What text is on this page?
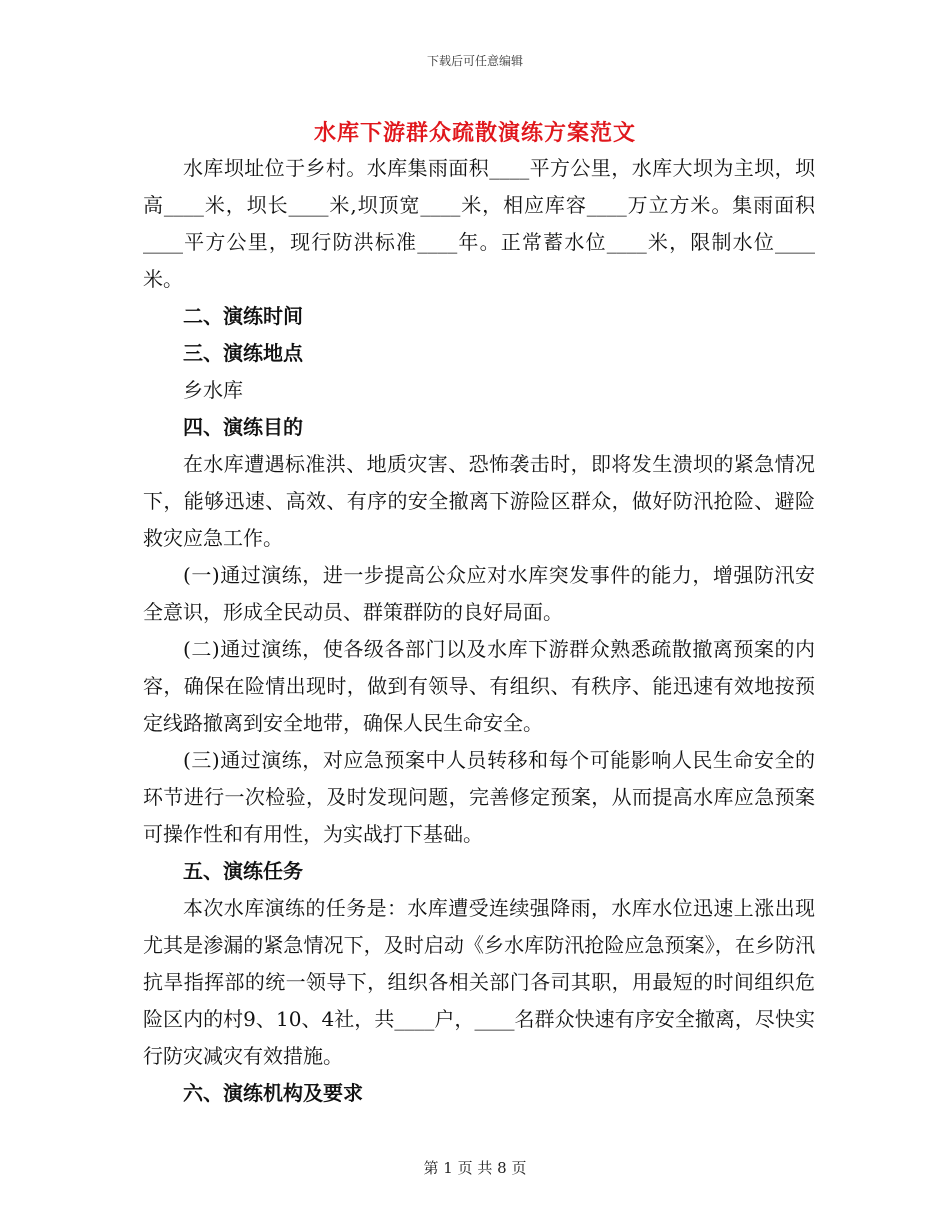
下载后可任意编辑
水库下游群众疏散演练方案范文

水库坝址位于乡村。水库集雨面积____平方公里，水库大坝为主坝，坝高____米，坝长____米,坝顶宽____米，相应库容____万立方米。集雨面积____平方公里，现行防洪标准____年。正常蓄水位____米，限制水位____米。

二、演练时间

三、演练地点

乡水库

四、演练目的

在水库遭遇标准洪、地质灾害、恐怖袭击时，即将发生溃坝的紧急情况下，能够迅速、高效、有序的安全撤离下游险区群众，做好防汛抢险、避险救灾应急工作。

(一)通过演练，进一步提高公众应对水库突发事件的能力，增强防汛安全意识，形成全民动员、群策群防的良好局面。

(二)通过演练，使各级各部门以及水库下游群众熟悉疏散撤离预案的内容，确保在险情出现时，做到有领导、有组织、有秩序、能迅速有效地按预定线路撤离到安全地带，确保人民生命安全。

(三)通过演练，对应急预案中人员转移和每个可能影响人民生命安全的环节进行一次检验，及时发现问题，完善修定预案，从而提高水库应急预案可操作性和有用性，为实战打下基础。

五、演练任务

本次水库演练的任务是：水库遭受连续强降雨，水库水位迅速上涨出现尤其是渗漏的紧急情况下，及时启动《乡水库防汛抢险应急预案》，在乡防汛抗旱指挥部的统一领导下，组织各相关部门各司其职，用最短的时间组织危险区内的村9、10、4社，共____户，____名群众快速有序安全撤离，尽快实行防灾减灾有效措施。

六、演练机构及要求

第 1 页 共 8 页
